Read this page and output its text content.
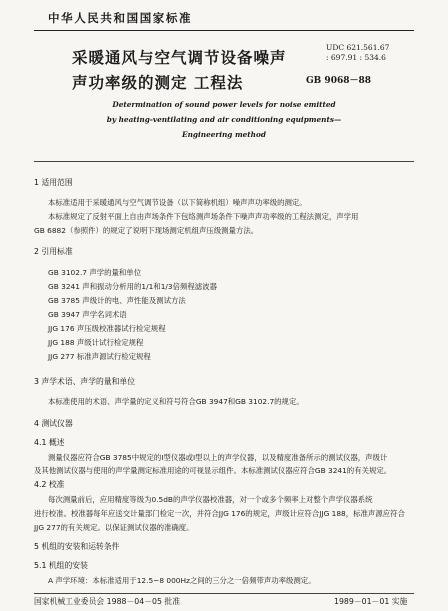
中华人民共和国国家标准
采暖通风与空气调节设备噪声
声功率级的测定 工程法
UDC 621.561.67
: 697.91 : 534.6
GB 9068－88
Determination of sound power levels for noise emitted
by heating-ventilating and air conditioning equipments—
Engineering method
1 适用范围
本标准适用于采暖通风与空气调节设备（以下简称机组）噪声声功率级的测定。
本标准规定了反射平面上自由声场条件下包络测声场条件下噪声声功率级的工程法测定，声学用
GB 6882（参照件）的规定了说明下现场测定机组声压级测量方法。
2 引用标准
GB 3102.7 声学的量和单位
GB 3241 声和振动分析用的1/1和1/3倍频程滤波器
GB 3785 声级计的电、声性能及测试方法
GB 3947 声学名词术语
JJG 176 声压级校准器试行检定规程
JJG 188 声级计试行检定规程
JJG 277 标准声源试行检定规程
3 声学术语、声学的量和单位
本标准使用的术语、声学量的定义和符号符合GB 3947和GB 3102.7的规定。
4 测试仪器
4.1 概述
测量仪器应符合GB 3785中规定的I型仪器或I型以上的声学仪器，以及精度准备所示的测试仪器，声级计
及其他测试仪器与使用的声学量测定标准用途的可视显示组件。本标准测试仪器应符合GB 3241的有关规定。
4.2 校准
每次测量前后，应用精度等级为0.5dB的声学仪器校准器，对一个或多个频率上对整个声学仪器系统
进行校准。校准器每年应送交计量部门检定一次，并符合JJG 176的规定，声级计应符合JJG 188，标准声源应符合
JJG 277的有关规定。以保证测试仪器的准确度。
5 机组的安装和运转条件
5.1 机组的安装
A 声学环境：本标准适用于12.5~8 000Hz之间的三分之一倍频带声功率级测定。
国家机械工业委员会 1988－04－05 批准	1989－01－01 实施
